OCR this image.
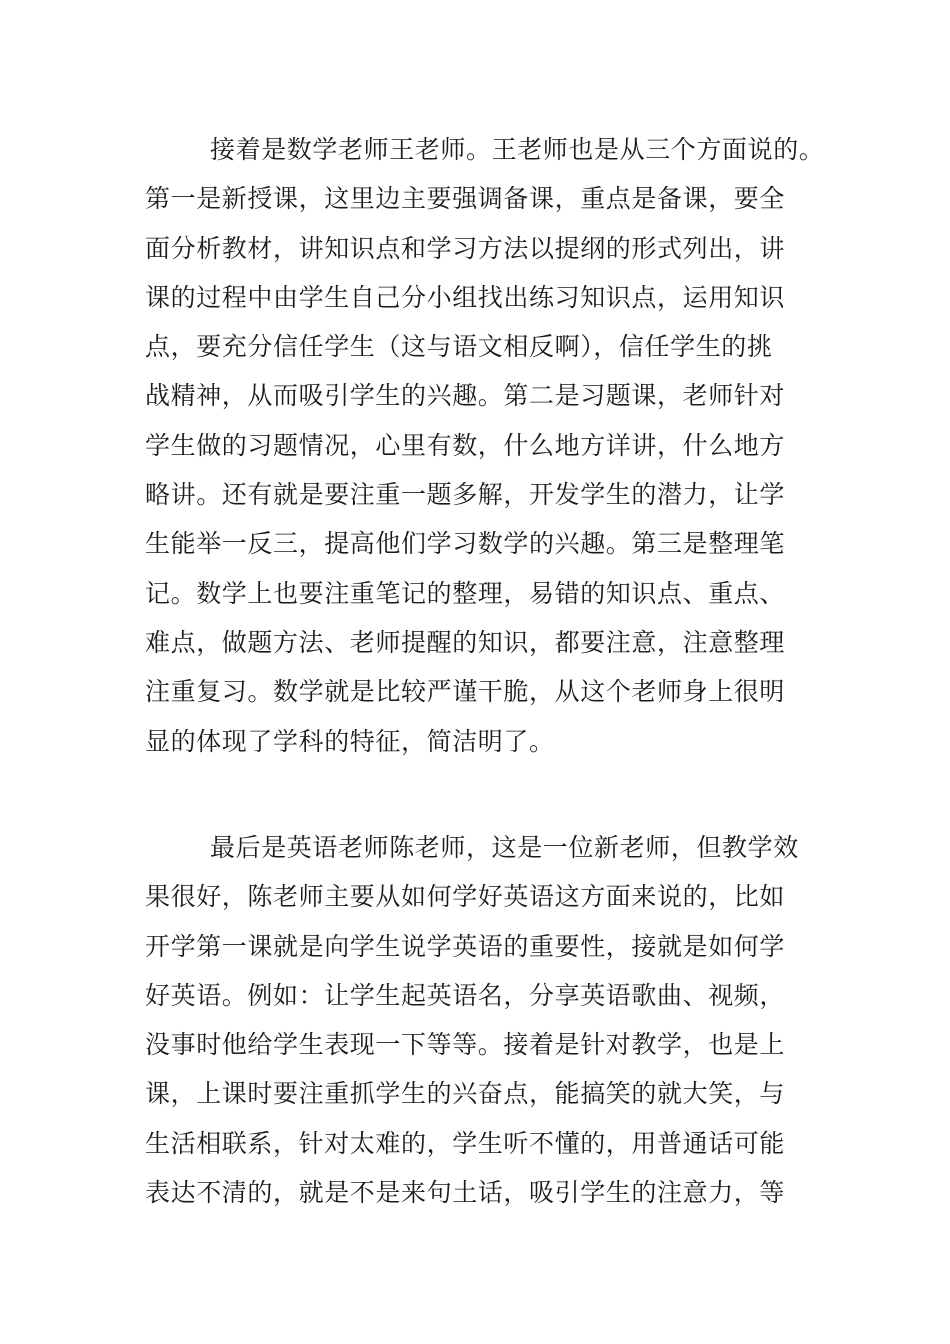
接着是数学老师王老师。王老师也是从三个方面说的。
第一是新授课，这里边主要强调备课，重点是备课，要全
面分析教材，讲知识点和学习方法以提纲的形式列出，讲
课的过程中由学生自己分小组找出练习知识点，运用知识
点，要充分信任学生（这与语文相反啊），信任学生的挑
战精神，从而吸引学生的兴趣。第二是习题课，老师针对
学生做的习题情况，心里有数，什么地方详讲，什么地方
略讲。还有就是要注重一题多解，开发学生的潜力，让学
生能举一反三，提高他们学习数学的兴趣。第三是整理笔
记。数学上也要注重笔记的整理，易错的知识点、重点、
难点，做题方法、老师提醒的知识，都要注意，注意整理
注重复习。数学就是比较严谨干脆，从这个老师身上很明
显的体现了学科的特征，简洁明了。

最后是英语老师陈老师，这是一位新老师，但教学效
果很好，陈老师主要从如何学好英语这方面来说的，比如
开学第一课就是向学生说学英语的重要性，接就是如何学
好英语。例如：让学生起英语名，分享英语歌曲、视频，
没事时他给学生表现一下等等。接着是针对教学，也是上
课，上课时要注重抓学生的兴奋点，能搞笑的就大笑，与
生活相联系，针对太难的，学生听不懂的，用普通话可能
表达不清的，就是不是来句土话，吸引学生的注意力，等
